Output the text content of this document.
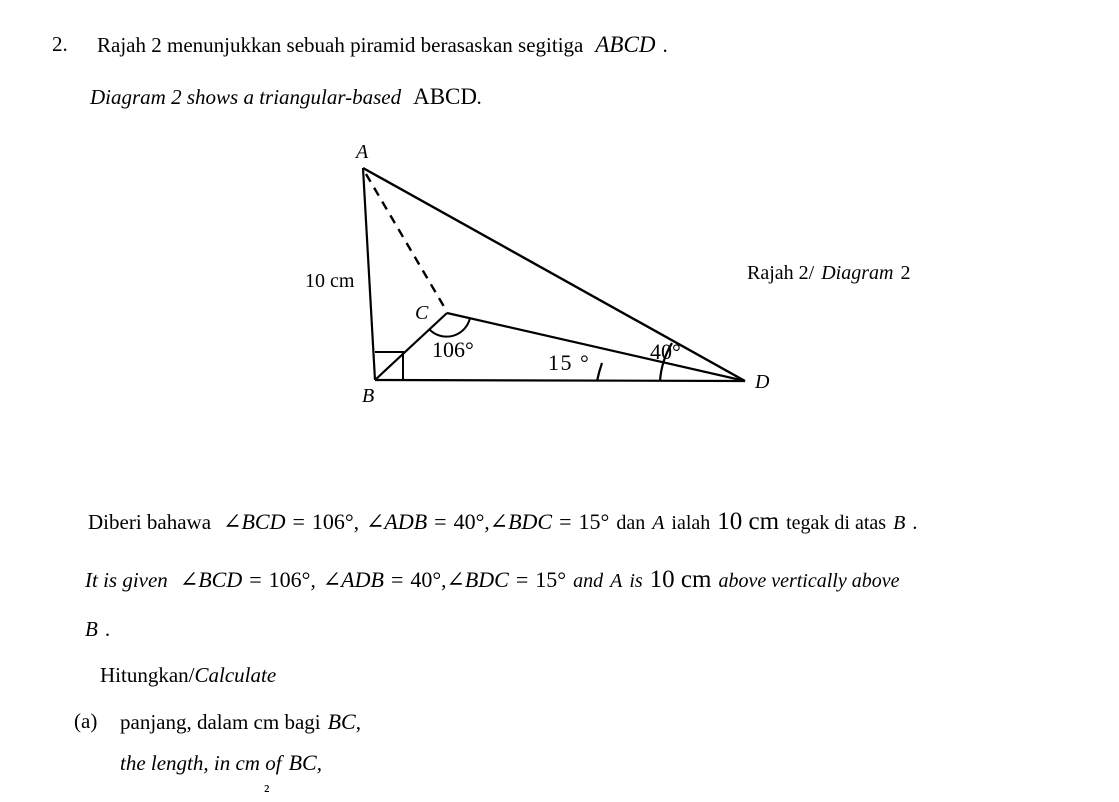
2. Rajah 2 menunjukkan sebuah piramid berasaskan segitiga ABCD .
Diagram 2 shows a triangular-based ABCD.
A
B
C
D
10 cm
106°
15 °	40°
Rajah 2/ Diagram 2
Diberi bahawa ∠BCD = 106°, ∠ADB = 40°,∠BDC = 15° dan A ialah 10 cm tegak di atas B .
It is given ∠BCD = 106°, ∠ADB = 40°,∠BDC = 15° and A is 10 cm above vertically above
B .
Hitungkan/Calculate
(a) panjang, dalam cm bagi BC,
the length, in cm of BC,
²
